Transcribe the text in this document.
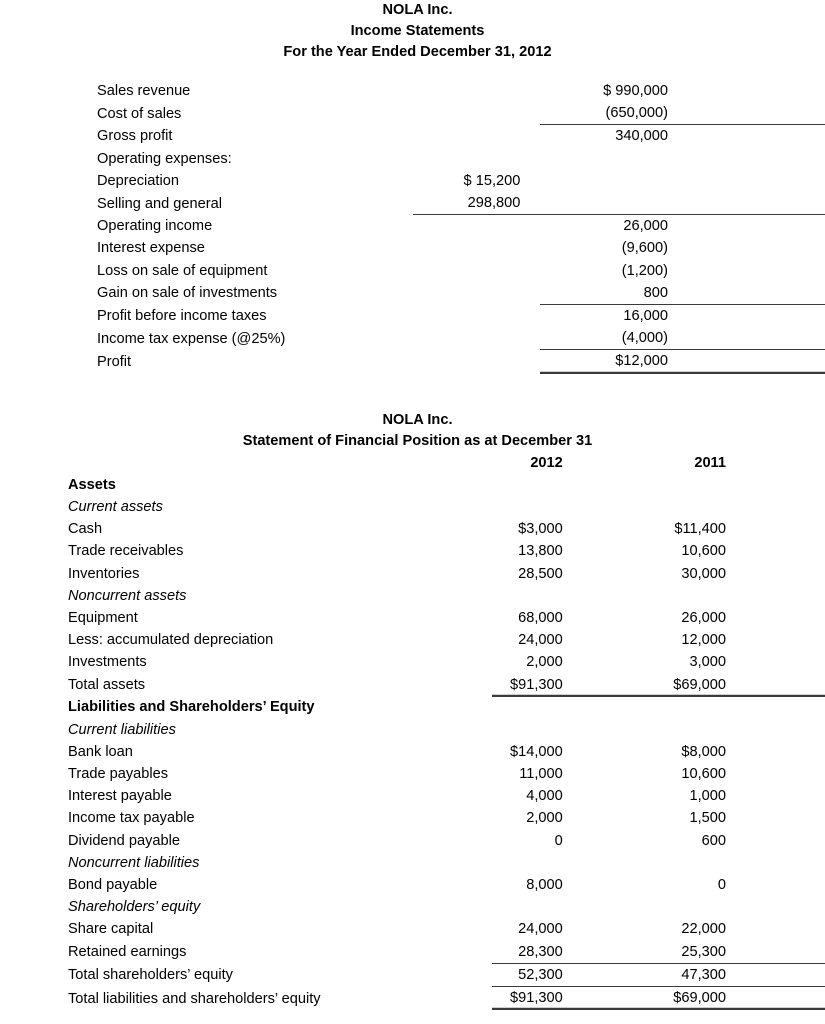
NOLA Inc.
Income Statements
For the Year Ended December 31, 2012
Sales revenue		$ 990,000
Cost of sales		(650,000)
Gross profit		340,000
Operating expenses:		
Depreciation	$ 15,200	
Selling and general	298,800	
Operating income		26,000
Interest expense		(9,600)
Loss on sale of equipment		(1,200)
Gain on sale of investments		800
Profit before income taxes		16,000
Income tax expense (@25%)		(4,000)
Profit		$12,000
NOLA Inc.
Statement of Financial Position as at December 31
	2012	2011
Assets		
Current assets		
Cash	$3,000	$11,400
Trade receivables	13,800	10,600
Inventories	28,500	30,000
Noncurrent assets		
Equipment	68,000	26,000
Less: accumulated depreciation	24,000	12,000
Investments	2,000	3,000
Total assets	$91,300	$69,000
Liabilities and Shareholders’ Equity		
Current liabilities		
Bank loan	$14,000	$8,000
Trade payables	11,000	10,600
Interest payable	4,000	1,000
Income tax payable	2,000	1,500
Dividend payable	0	600
Noncurrent liabilities		
Bond payable	8,000	0
Shareholders’ equity		
Share capital	24,000	22,000
Retained earnings	28,300	25,300
Total shareholders’ equity	52,300	47,300
Total liabilities and shareholders’ equity	$91,300	$69,000
